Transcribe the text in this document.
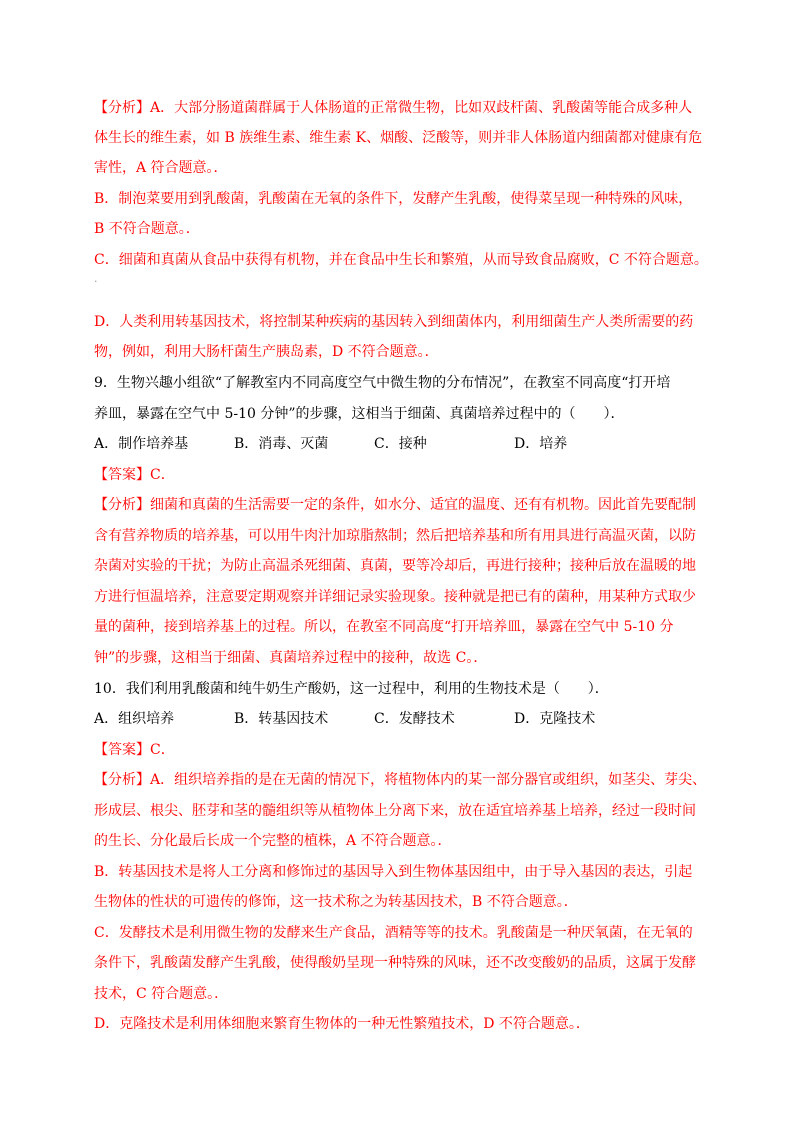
【分析】A．大部分肠道菌群属于人体肠道的正常微生物，比如双歧杆菌、乳酸菌等能合成多种人
体生长的维生素，如 B 族维生素、维生素 K、烟酸、泛酸等，则并非人体肠道内细菌都对健康有危
害性，A 符合题意。．
B．制泡菜要用到乳酸菌，乳酸菌在无氧的条件下，发酵产生乳酸，使得菜呈现一种特殊的风味，
B 不符合题意。．
C．细菌和真菌从食品中获得有机物，并在食品中生长和繁殖，从而导致食品腐败，C 不符合题意。
·
D．人类利用转基因技术，将控制某种疾病的基因转入到细菌体内，利用细菌生产人类所需要的药
物，例如，利用大肠杆菌生产胰岛素，D 不符合题意。．
9．生物兴趣小组欲“了解教室内不同高度空气中微生物的分布情况”，在教室不同高度“打开培
养皿，暴露在空气中 5-10 分钟”的步骤，这相当于细菌、真菌培养过程中的（　　）．
A．制作培养基	B．消毒、灭菌	C．接种	D．培养
【答案】C．
【分析】细菌和真菌的生活需要一定的条件，如水分、适宜的温度、还有有机物。因此首先要配制
含有营养物质的培养基，可以用牛肉汁加琼脂熬制；然后把培养基和所有用具进行高温灭菌，以防
杂菌对实验的干扰；为防止高温杀死细菌、真菌，要等冷却后，再进行接种；接种后放在温暖的地
方进行恒温培养，注意要定期观察并详细记录实验现象。接种就是把已有的菌种，用某种方式取少
量的菌种，接到培养基上的过程。所以，在教室不同高度“打开培养皿，暴露在空气中 5-10 分
钟”的步骤，这相当于细菌、真菌培养过程中的接种，故选 C。．
10．我们利用乳酸菌和纯牛奶生产酸奶，这一过程中，利用的生物技术是（　　）．
A．组织培养	B．转基因技术	C．发酵技术	D．克隆技术
【答案】C．
【分析】A．组织培养指的是在无菌的情况下，将植物体内的某一部分器官或组织，如茎尖、芽尖、
形成层、根尖、胚芽和茎的髓组织等从植物体上分离下来，放在适宜培养基上培养，经过一段时间
的生长、分化最后长成一个完整的植株，A 不符合题意。．
B．转基因技术是将人工分离和修饰过的基因导入到生物体基因组中，由于导入基因的表达，引起
生物体的性状的可遗传的修饰，这一技术称之为转基因技术，B 不符合题意。．
C．发酵技术是利用微生物的发酵来生产食品，酒精等等的技术。乳酸菌是一种厌氧菌，在无氧的
条件下，乳酸菌发酵产生乳酸，使得酸奶呈现一种特殊的风味，还不改变酸奶的品质，这属于发酵
技术，C 符合题意。．
D．克隆技术是利用体细胞来繁育生物体的一种无性繁殖技术，D 不符合题意。．
